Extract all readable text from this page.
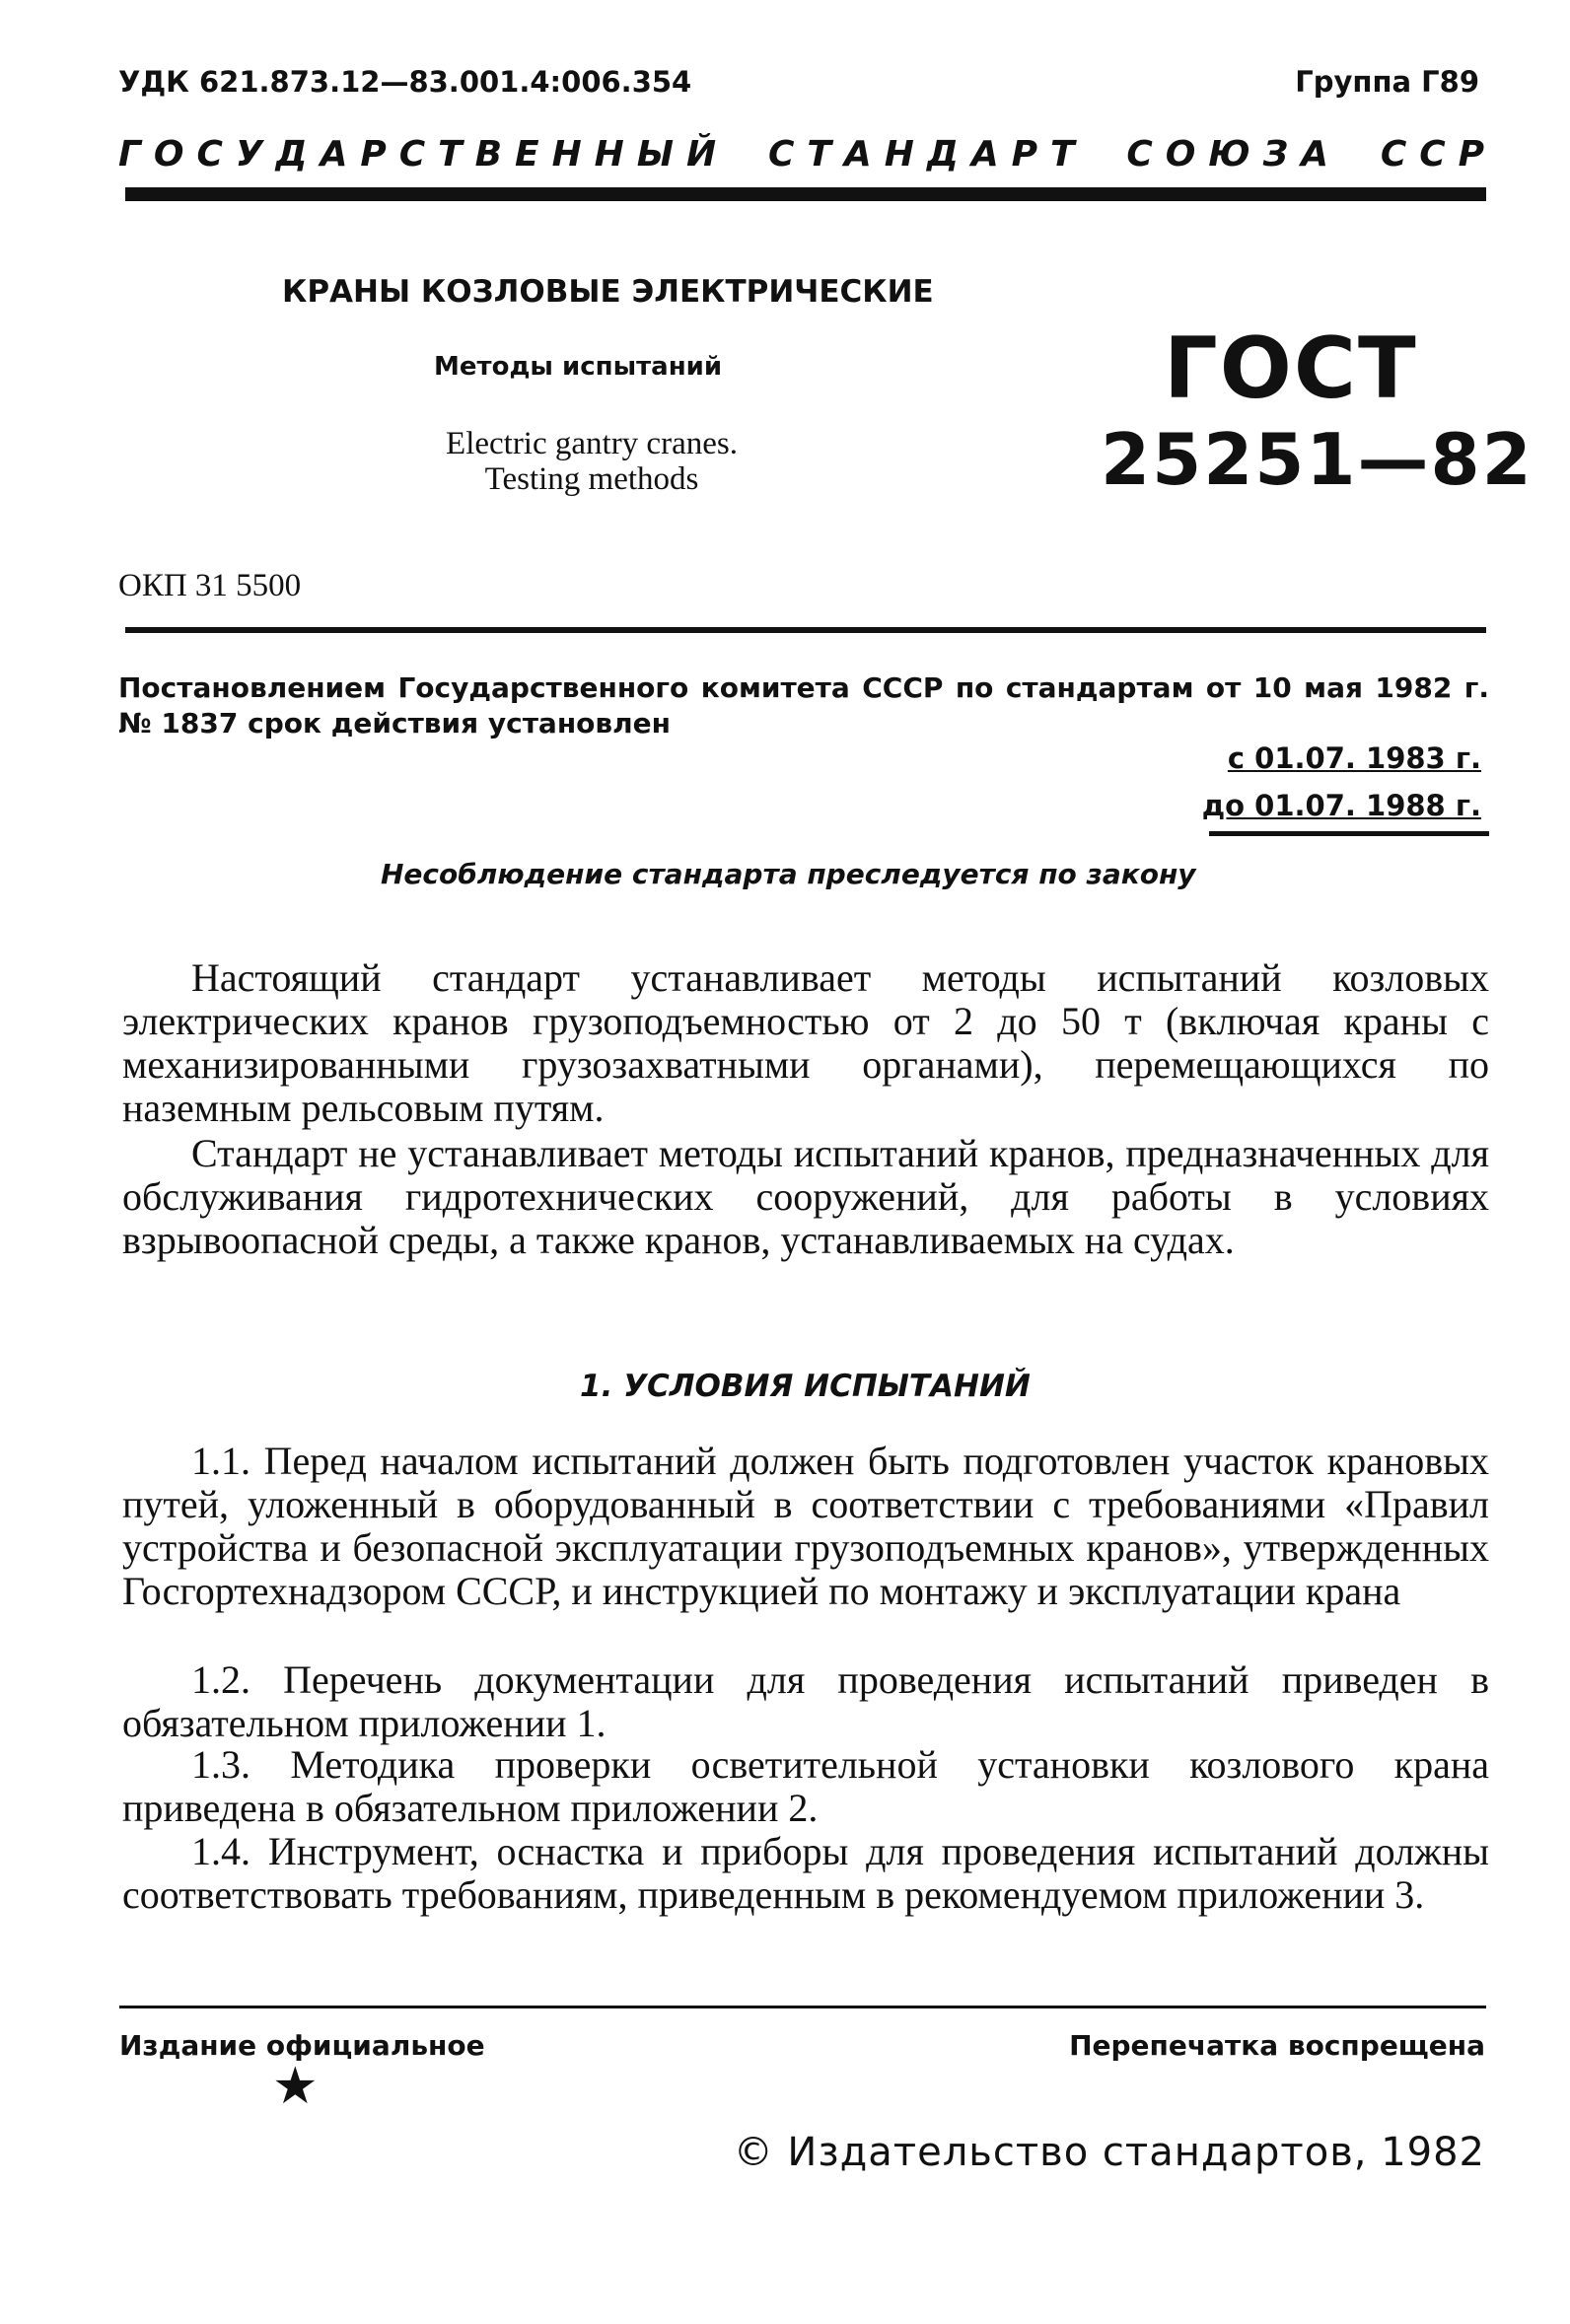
УДК 621.873.12—83.001.4:006.354	Группа Г89
ГОСУДАРСТВЕННЫЙ СТАНДАРТ СОЮЗА ССР
КРАНЫ КОЗЛОВЫЕ ЭЛЕКТРИЧЕСКИЕ
Методы испытаний
Electric gantry cranes.
Testing methods
ГОСТ
25251—82
ОКП 31 5500
Постановлением Государственного комитета СССР по стандартам от 10 мая 1982 г. № 1837 срок действия установлен
с 01.07. 1983 г.
до 01.07. 1988 г.
Несоблюдение стандарта преследуется по закону
Настоящий стандарт устанавливает методы испытаний козловых электрических кранов грузоподъемностью от 2 до 50 т (включая краны с механизированными грузозахватными органами), перемещающихся по наземным рельсовым путям.
Стандарт не устанавливает методы испытаний кранов, предназначенных для обслуживания гидротехнических сооружений, для работы в условиях взрывоопасной среды, а также кранов, устанавливаемых на судах.
1. УСЛОВИЯ ИСПЫТАНИЙ
1.1. Перед началом испытаний должен быть подготовлен участок крановых путей, уложенный в оборудованный в соответствии с требованиями «Правил устройства и безопасной эксплуатации грузоподъемных кранов», утвержденных Госгортехнадзором СССР, и инструкцией по монтажу и эксплуатации крана
1.2. Перечень документации для проведения испытаний приведен в обязательном приложении 1.
1.3. Методика проверки осветительной установки козлового крана приведена в обязательном приложении 2.
1.4. Инструмент, оснастка и приборы для проведения испытаний должны соответствовать требованиям, приведенным в рекомендуемом приложении 3.
Издание официальное	Перепечатка воспрещена
★
© Издательство стандартов, 1982
